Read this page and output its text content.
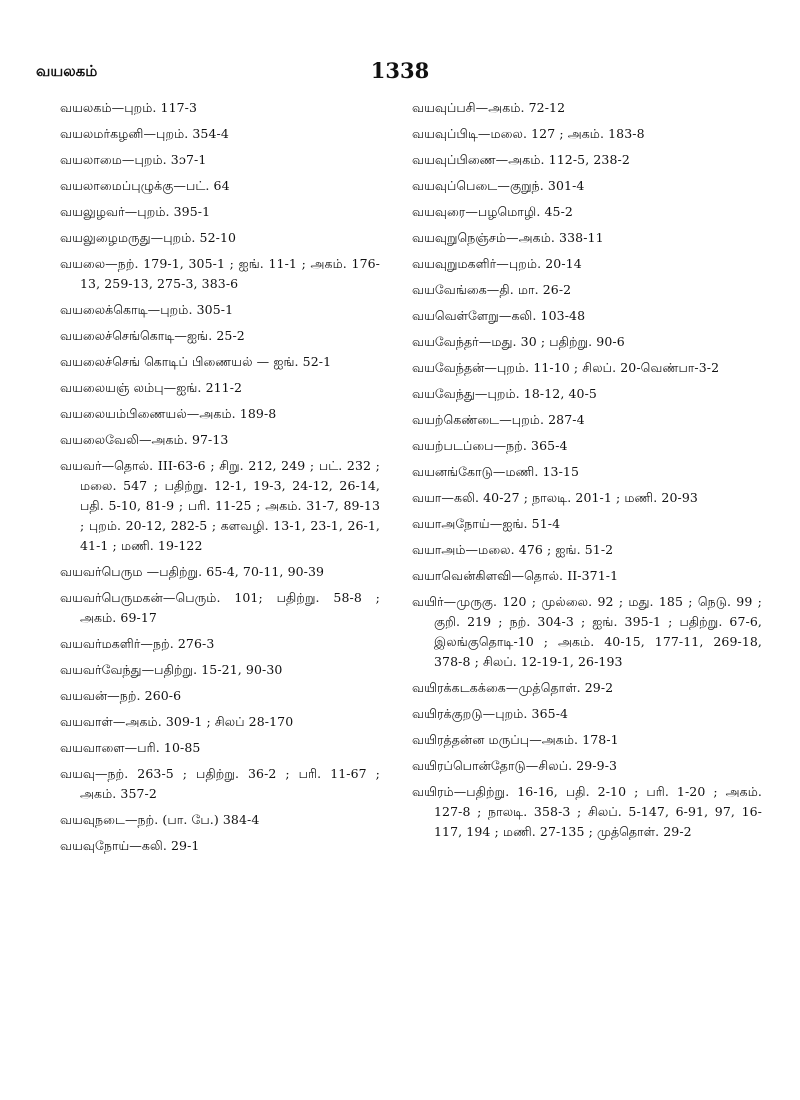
வயலகம்	1338
வயலகம்—புறம். 117-3
வயலமர்கழனி—புறம். 354-4
வயலாமை—புறம். 3ɔ7-1
வயலாமைப்புழுக்கு—பட். 64
வயலுழவர்—புறம். 395-1
வயலுழைமருது—புறம். 52-10
வயலை—நற். 179-1, 305-1 ; ஐங். 11-1 ; அகம். 176-13, 259-13, 275-3, 383-6
வயலைக்கொடி—புறம். 305-1
வயலைச்செங்கொடி—ஐங். 25-2
வயலைச்செங் கொடிப் பிணையல் — ஐங். 52-1
வயலையஞ் லம்பு—ஐங். 211-2
வயலையம்பிணையல்—அகம். 189-8
வயலைவேலி—அகம். 97-13
வயவர்—தொல். III-63-6 ; சிறு. 212, 249 ; பட். 232 ; மலை. 547 ; பதிற்று. 12-1, 19-3, 24-12, 26-14, பதி. 5-10, 81-9 ; பரி. 11-25 ; அகம். 31-7, 89-13 ; புறம். 20-12, 282-5 ; களவழி. 13-1, 23-1, 26-1, 41-1 ; மணி. 19-122
வயவர்பெரும —பதிற்று. 65-4, 70-11, 90-39
வயவர்பெருமகன்—பெரும். 101; பதிற்று. 58-8 ; அகம். 69-17
வயவர்மகளிர்—நற். 276-3
வயவர்வேந்து—பதிற்று. 15-21, 90-30
வயவன்—நற். 260-6
வயவாள்—அகம். 309-1 ; சிலப் 28-170
வயவாளை—பரி. 10-85
வயவு—நற். 263-5 ; பதிற்று. 36-2 ; பரி. 11-67 ; அகம். 357-2
வயவுநடை—நற். (பா. பே.) 384-4
வயவுநோய்—கலி. 29-1
வயவுப்பசி—அகம். 72-12
வயவுப்பிடி—மலை. 127 ; அகம். 183-8
வயவுப்பிணை—அகம். 112-5, 238-2
வயவுப்பெடை—குறுந். 301-4
வயவுரை—பழமொழி. 45-2
வயவுறுநெஞ்சம்—அகம். 338-11
வயவுறுமகளிர்—புறம். 20-14
வயவேங்கை—தி. மா. 26-2
வயவெள்ளேறு—கலி. 103-48
வயவேந்தர்—மது. 30 ; பதிற்று. 90-6
வயவேந்தன்—புறம். 11-10 ; சிலப். 20-வெண்பா-3-2
வயவேந்து—புறம். 18-12, 40-5
வயற்கெண்டை—புறம். 287-4
வயற்படப்பை—நற். 365-4
வயனங்கோடு—மணி. 13-15
வயா—கலி. 40-27 ; நாலடி. 201-1 ; மணி. 20-93
வயாஅநோய்—ஐங். 51-4
வயாஅம்—மலை. 476 ; ஐங். 51-2
வயாவென்கிளவி—தொல். II-371-1
வயிர்—முருகு. 120 ; முல்லை. 92 ; மது. 185 ; நெடு. 99 ; குறி. 219 ; நற். 304-3 ; ஐங். 395-1 ; பதிற்று. 67-6, இலங்குதொடி-10 ; அகம். 40-15, 177-11, 269-18, 378-8 ; சிலப். 12-19-1, 26-193
வயிரக்கடகக்கை—முத்தொள். 29-2
வயிரக்குறடு—புறம். 365-4
வயிரத்தன்ன மருப்பு—அகம். 178-1
வயிரப்பொன்தோடு—சிலப். 29-9-3
வயிரம்—பதிற்று. 16-16, பதி. 2-10 ; பரி. 1-20 ; அகம். 127-8 ; நாலடி. 358-3 ; சிலப். 5-147, 6-91, 97, 16-117, 194 ; மணி. 27-135 ; முத்தொள். 29-2
